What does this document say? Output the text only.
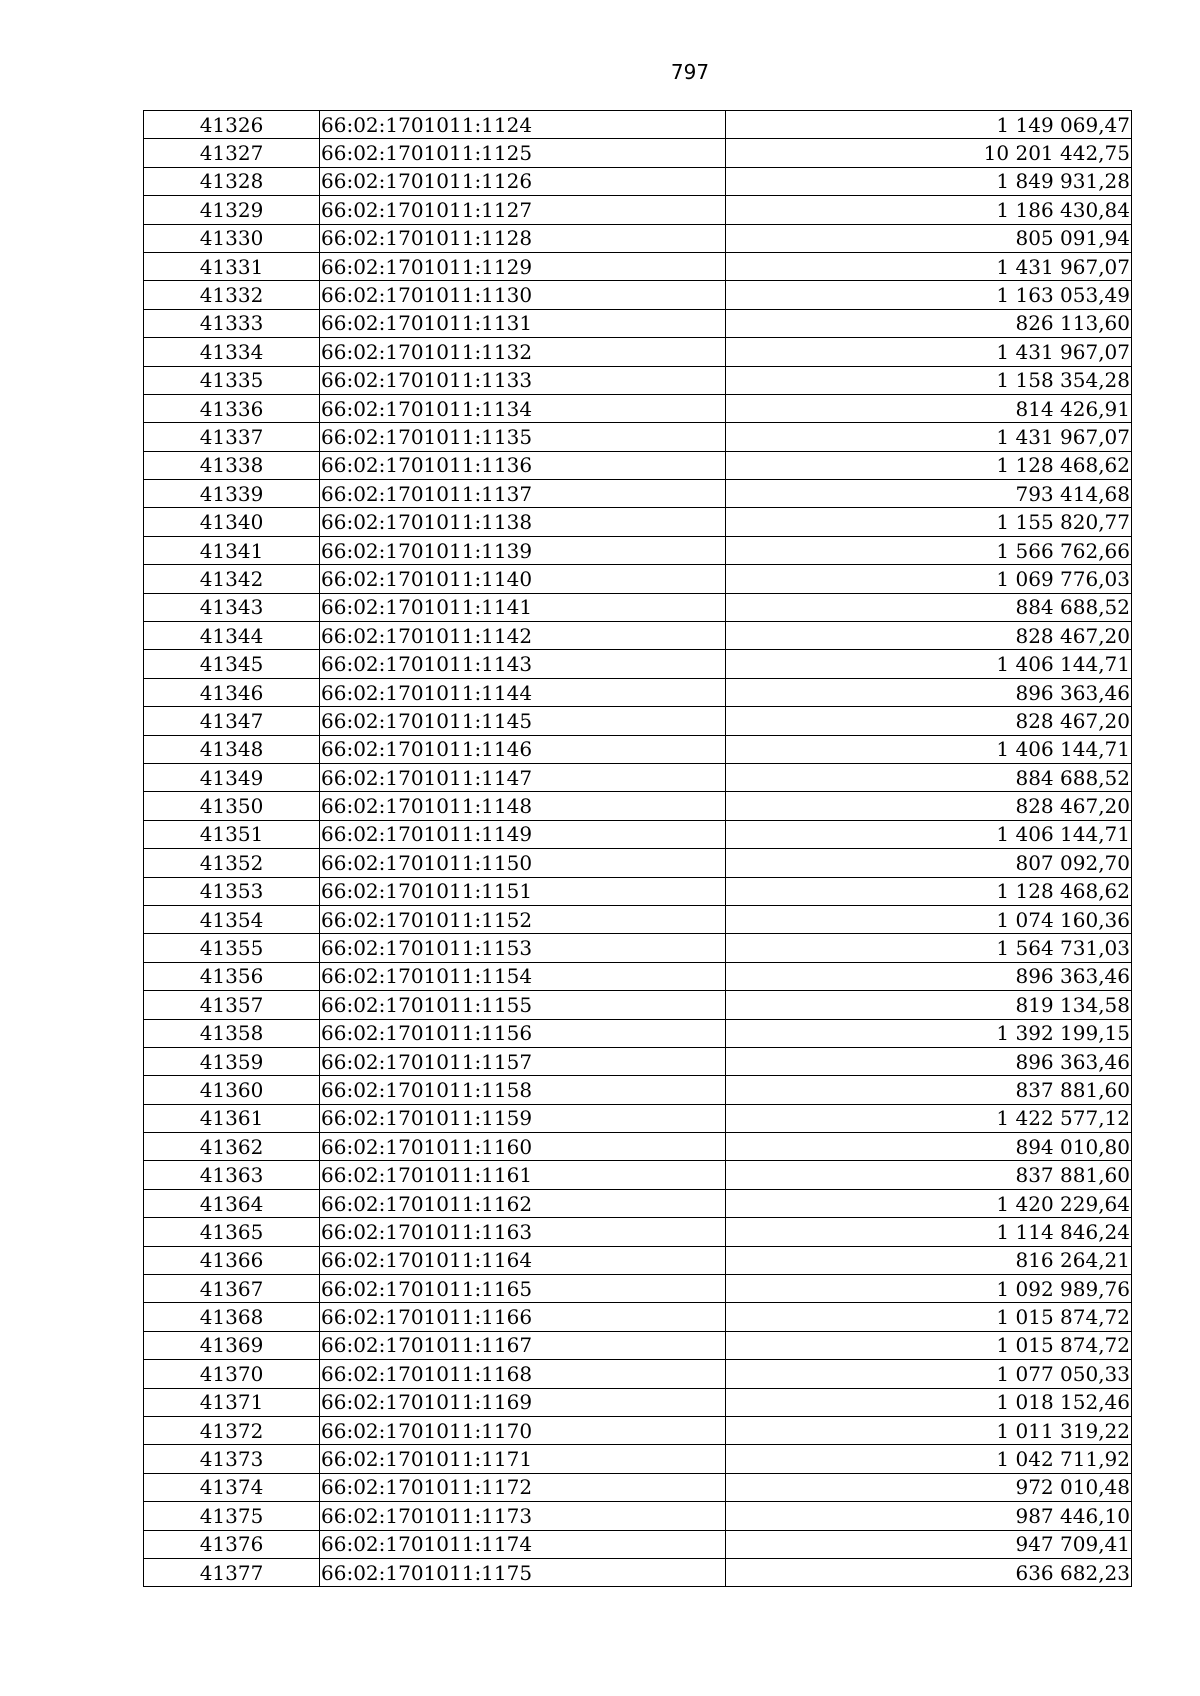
797
41326	66:02:1701011:1124	1 149 069,47
41327	66:02:1701011:1125	10 201 442,75
41328	66:02:1701011:1126	1 849 931,28
41329	66:02:1701011:1127	1 186 430,84
41330	66:02:1701011:1128	805 091,94
41331	66:02:1701011:1129	1 431 967,07
41332	66:02:1701011:1130	1 163 053,49
41333	66:02:1701011:1131	826 113,60
41334	66:02:1701011:1132	1 431 967,07
41335	66:02:1701011:1133	1 158 354,28
41336	66:02:1701011:1134	814 426,91
41337	66:02:1701011:1135	1 431 967,07
41338	66:02:1701011:1136	1 128 468,62
41339	66:02:1701011:1137	793 414,68
41340	66:02:1701011:1138	1 155 820,77
41341	66:02:1701011:1139	1 566 762,66
41342	66:02:1701011:1140	1 069 776,03
41343	66:02:1701011:1141	884 688,52
41344	66:02:1701011:1142	828 467,20
41345	66:02:1701011:1143	1 406 144,71
41346	66:02:1701011:1144	896 363,46
41347	66:02:1701011:1145	828 467,20
41348	66:02:1701011:1146	1 406 144,71
41349	66:02:1701011:1147	884 688,52
41350	66:02:1701011:1148	828 467,20
41351	66:02:1701011:1149	1 406 144,71
41352	66:02:1701011:1150	807 092,70
41353	66:02:1701011:1151	1 128 468,62
41354	66:02:1701011:1152	1 074 160,36
41355	66:02:1701011:1153	1 564 731,03
41356	66:02:1701011:1154	896 363,46
41357	66:02:1701011:1155	819 134,58
41358	66:02:1701011:1156	1 392 199,15
41359	66:02:1701011:1157	896 363,46
41360	66:02:1701011:1158	837 881,60
41361	66:02:1701011:1159	1 422 577,12
41362	66:02:1701011:1160	894 010,80
41363	66:02:1701011:1161	837 881,60
41364	66:02:1701011:1162	1 420 229,64
41365	66:02:1701011:1163	1 114 846,24
41366	66:02:1701011:1164	816 264,21
41367	66:02:1701011:1165	1 092 989,76
41368	66:02:1701011:1166	1 015 874,72
41369	66:02:1701011:1167	1 015 874,72
41370	66:02:1701011:1168	1 077 050,33
41371	66:02:1701011:1169	1 018 152,46
41372	66:02:1701011:1170	1 011 319,22
41373	66:02:1701011:1171	1 042 711,92
41374	66:02:1701011:1172	972 010,48
41375	66:02:1701011:1173	987 446,10
41376	66:02:1701011:1174	947 709,41
41377	66:02:1701011:1175	636 682,23
